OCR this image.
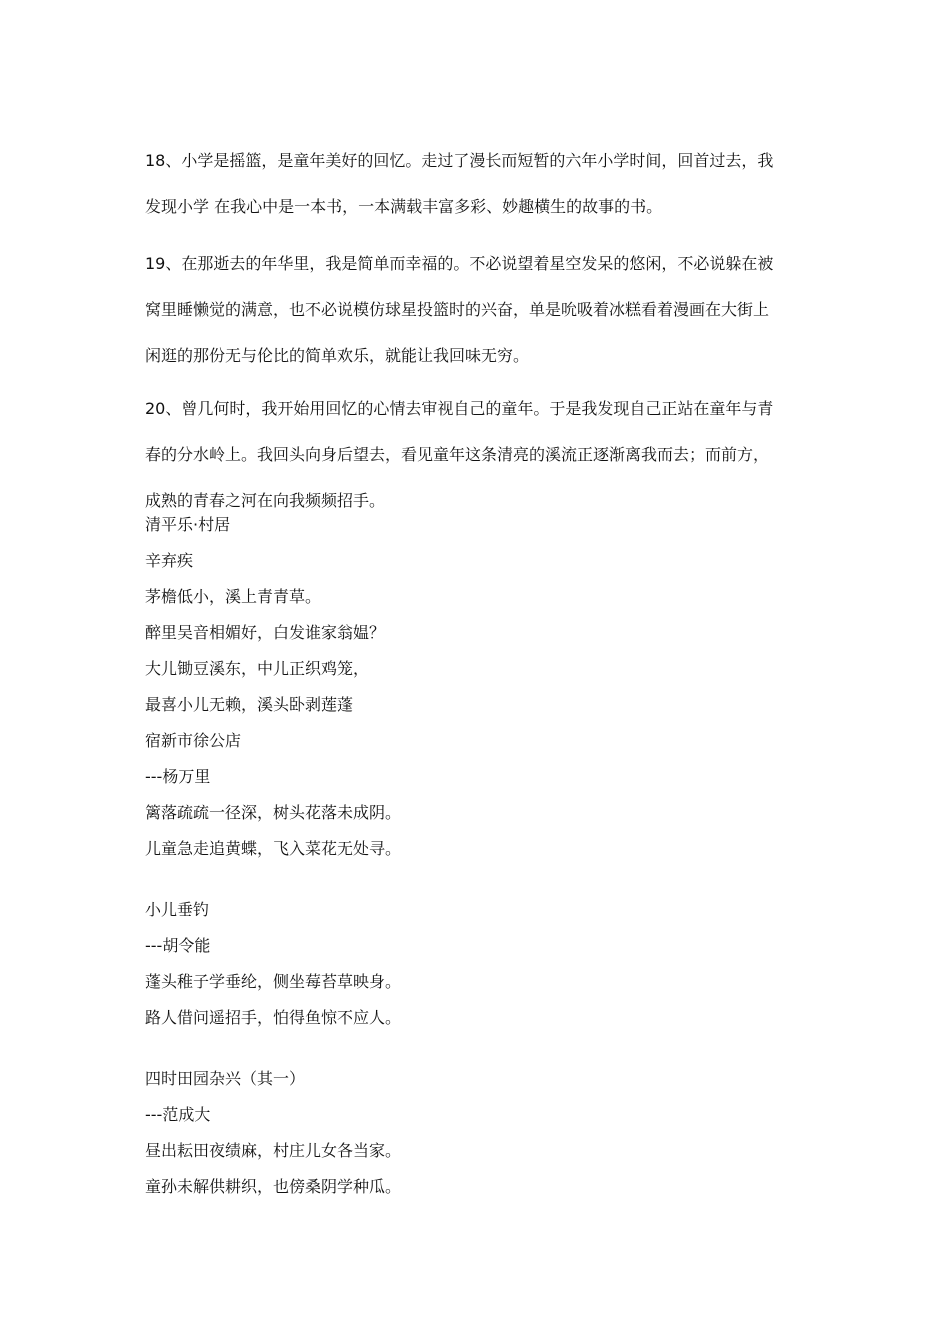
18、小学是摇篮，是童年美好的回忆。走过了漫长而短暂的六年小学时间，回首过去，我
发现小学 在我心中是一本书，一本满载丰富多彩、妙趣横生的故事的书。
19、在那逝去的年华里，我是简单而幸福的。不必说望着星空发呆的悠闲，不必说躲在被
窝里睡懒觉的满意，也不必说模仿球星投篮时的兴奋，单是吮吸着冰糕看着漫画在大街上
闲逛的那份无与伦比的简单欢乐，就能让我回味无穷。
20、曾几何时，我开始用回忆的心情去审视自己的童年。于是我发现自己正站在童年与青
春的分水岭上。我回头向身后望去，看见童年这条清亮的溪流正逐渐离我而去；而前方，
成熟的青春之河在向我频频招手。
清平乐·村居
辛弃疾
茅檐低小，溪上青青草。
醉里吴音相媚好，白发谁家翁媪？
大儿锄豆溪东，中儿正织鸡笼，
最喜小儿无赖，溪头卧剥莲蓬
宿新市徐公店
---杨万里
篱落疏疏一径深，树头花落未成阴。
儿童急走追黄蝶，飞入菜花无处寻。
小儿垂钓
---胡令能
蓬头稚子学垂纶，侧坐莓苔草映身。
路人借问遥招手，怕得鱼惊不应人。
四时田园杂兴（其一）
---范成大
昼出耘田夜绩麻，村庄儿女各当家。
童孙未解供耕织，也傍桑阴学种瓜。
